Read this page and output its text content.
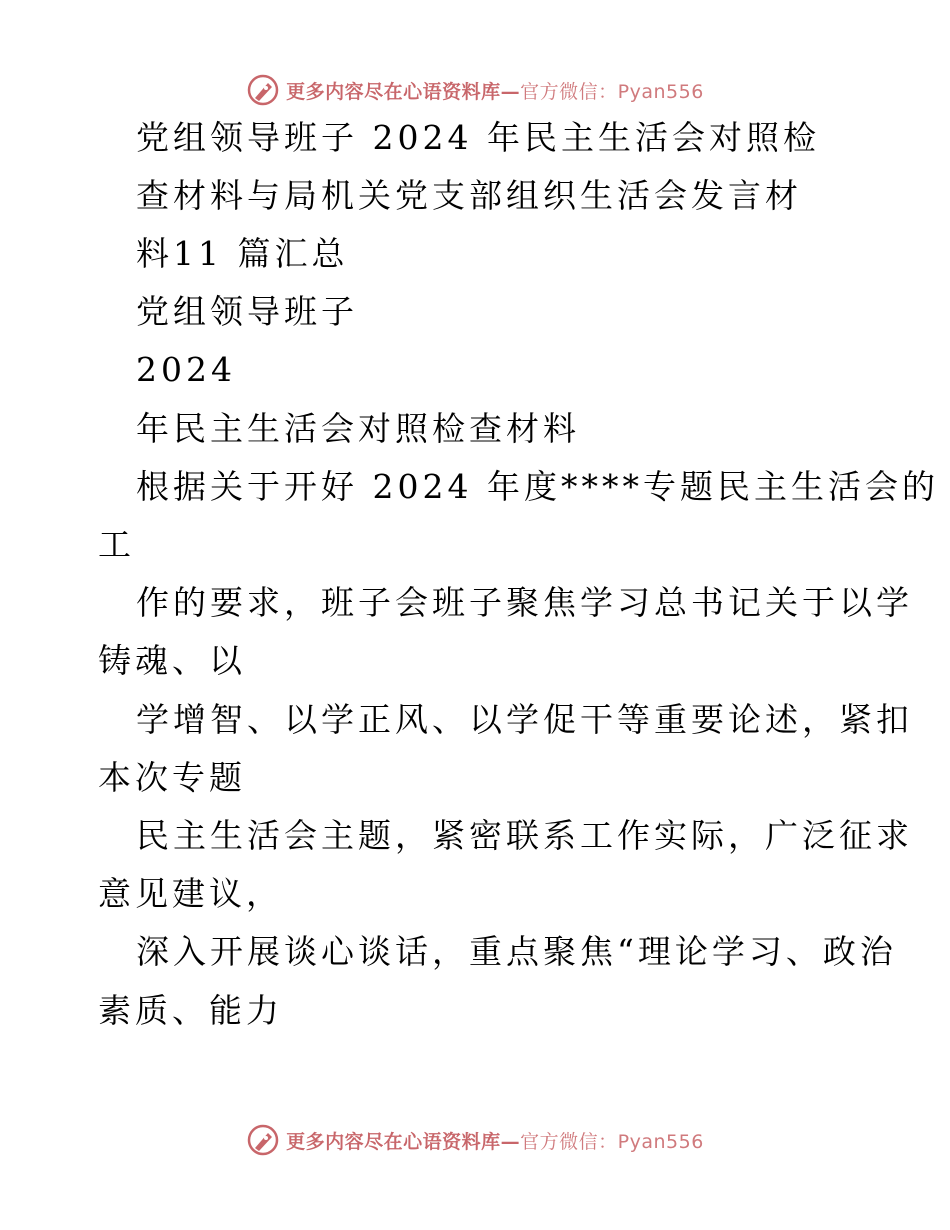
更多内容尽在心语资料库—官方微信：Pyan556
党组领导班子 2024 年民主生活会对照检
查材料与局机关党支部组织生活会发言材
料11 篇汇总
党组领导班子
2024
年民主生活会对照检查材料
根据关于开好 2024 年度****专题民主生活会的
工
作的要求，班子会班子聚焦学习总书记关于以学
铸魂、以
学增智、以学正风、以学促干等重要论述，紧扣
本次专题
民主生活会主题，紧密联系工作实际，广泛征求
意见建议，
深入开展谈心谈话，重点聚焦“理论学习、政治
素质、能力
更多内容尽在心语资料库—官方微信：Pyan556
